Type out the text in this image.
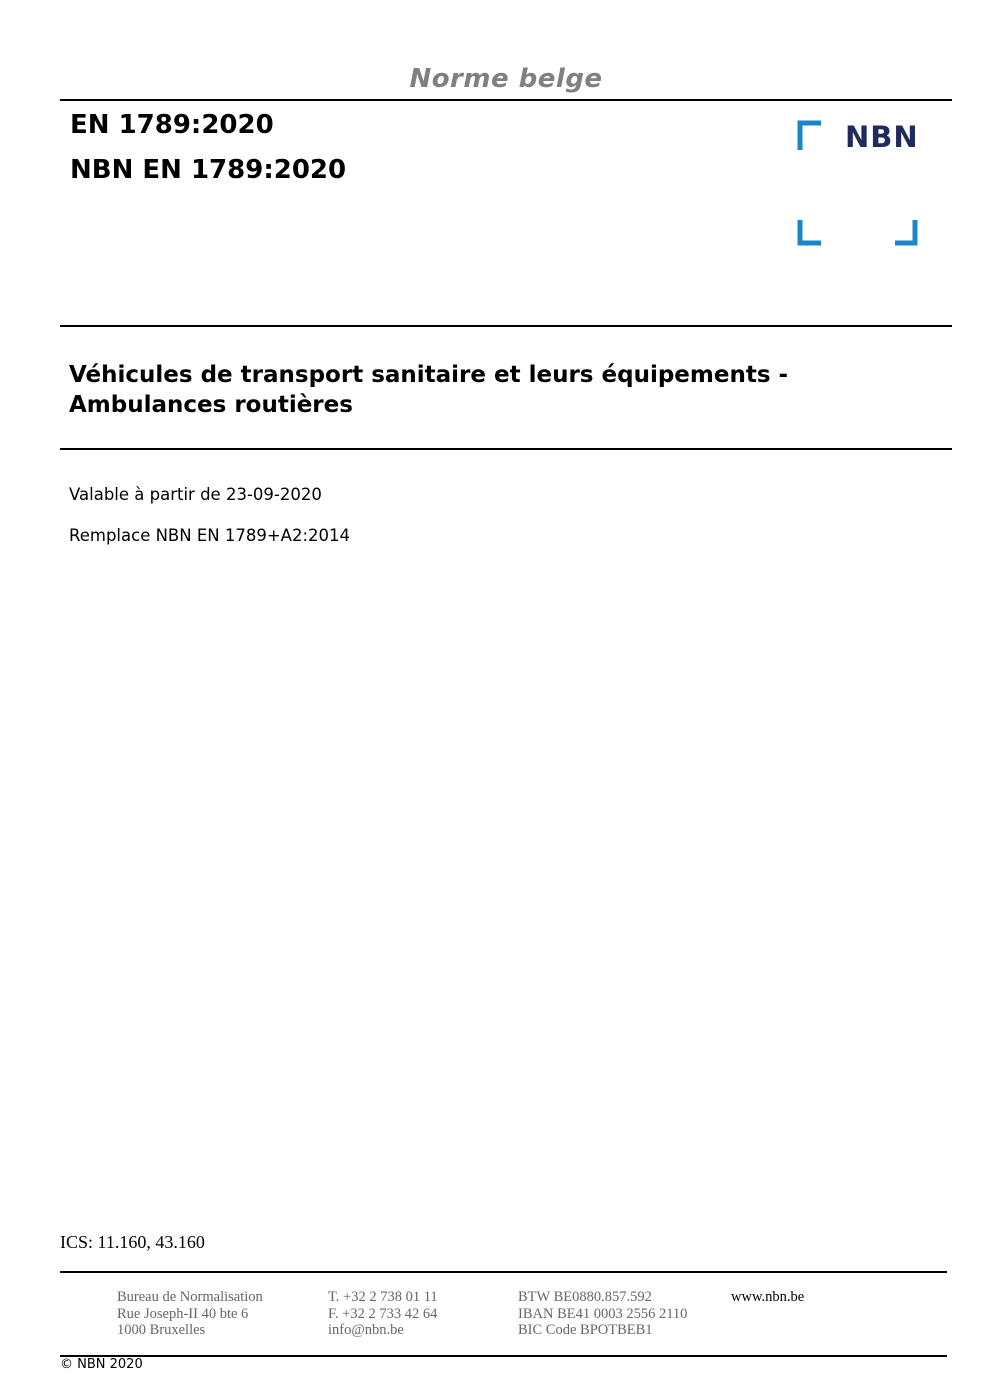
Norme belge
EN 1789:2020
NBN EN 1789:2020
NBN
Véhicules de transport sanitaire et leurs équipements -
Ambulances routières
Valable à partir de 23-09-2020
Remplace NBN EN 1789+A2:2014
ICS: 11.160, 43.160
Bureau de Normalisation
Rue Joseph-II 40 bte 6
1000 Bruxelles
T. +32 2 738 01 11
F. +32 2 733 42 64
info@nbn.be
BTW BE0880.857.592
IBAN BE41 0003 2556 2110
BIC Code BPOTBEB1
www.nbn.be
© NBN 2020
